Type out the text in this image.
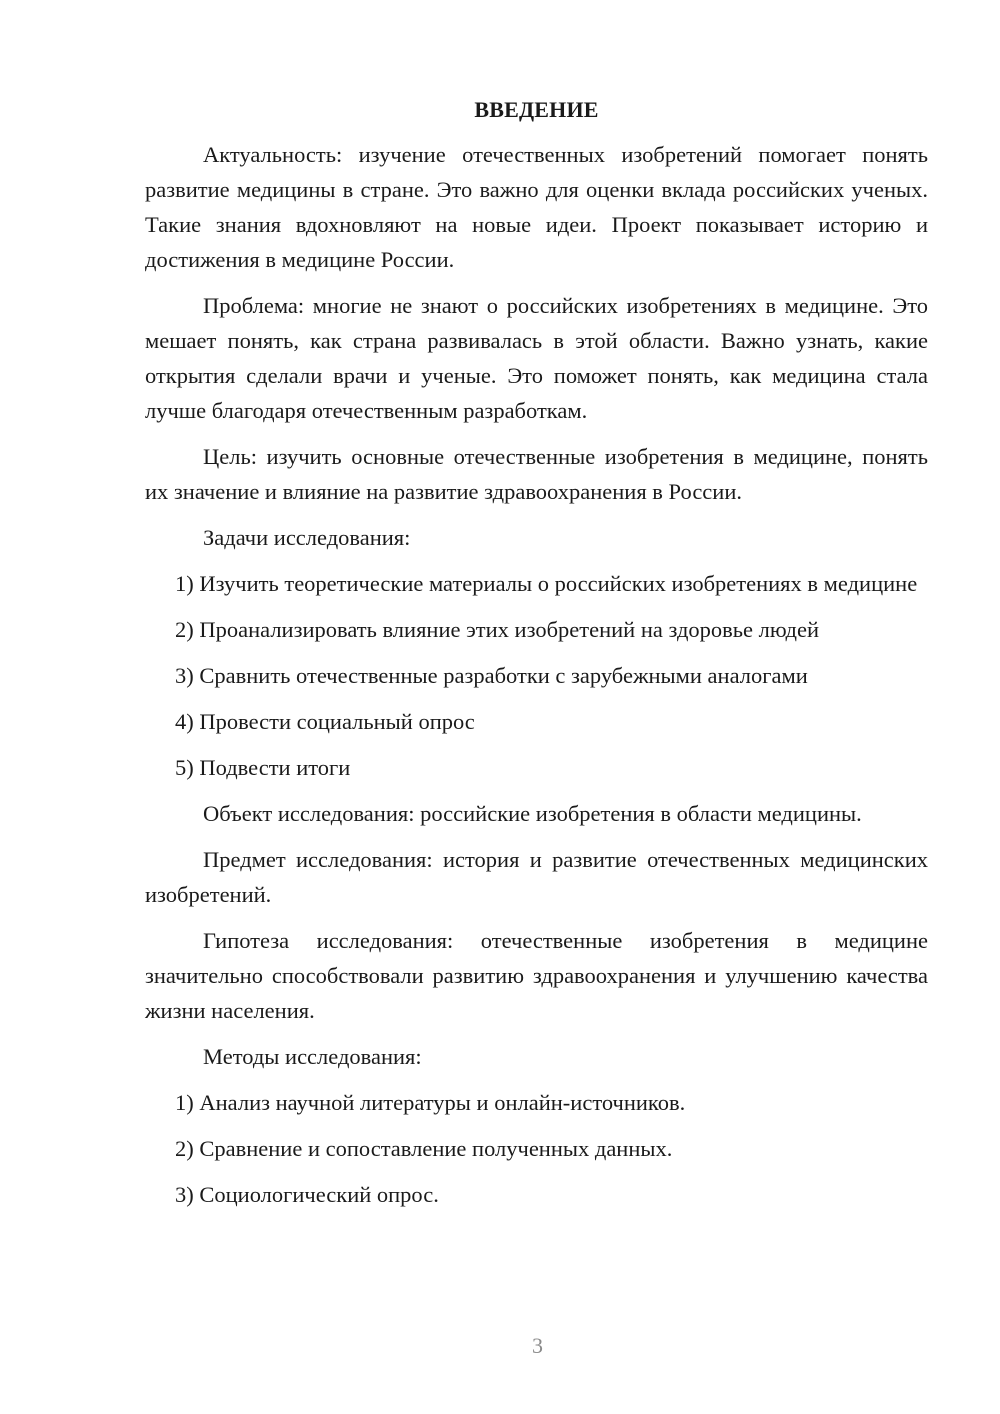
ВВЕДЕНИЕ

Актуальность: изучение отечественных изобретений помогает понять развитие медицины в стране. Это важно для оценки вклада российских ученых. Такие знания вдохновляют на новые идеи. Проект показывает историю и достижения в медицине России.

Проблема: многие не знают о российских изобретениях в медицине. Это мешает понять, как страна развивалась в этой области. Важно узнать, какие открытия сделали врачи и ученые. Это поможет понять, как медицина стала лучше благодаря отечественным разработкам.

Цель: изучить основные отечественные изобретения в медицине, понять их значение и влияние на развитие здравоохранения в России.

Задачи исследования:

1) Изучить теоретические материалы о российских изобретениях в медицине

2) Проанализировать влияние этих изобретений на здоровье людей

3) Сравнить отечественные разработки с зарубежными аналогами

4) Провести социальный опрос

5) Подвести итоги

Объект исследования: российские изобретения в области медицины.

Предмет исследования: история и развитие отечественных медицинских изобретений.

Гипотеза исследования: отечественные изобретения в медицине значительно способствовали развитию здравоохранения и улучшению качества жизни населения.

Методы исследования:

1) Анализ научной литературы и онлайн-источников.

2) Сравнение и сопоставление полученных данных.

3) Социологический опрос.

3
